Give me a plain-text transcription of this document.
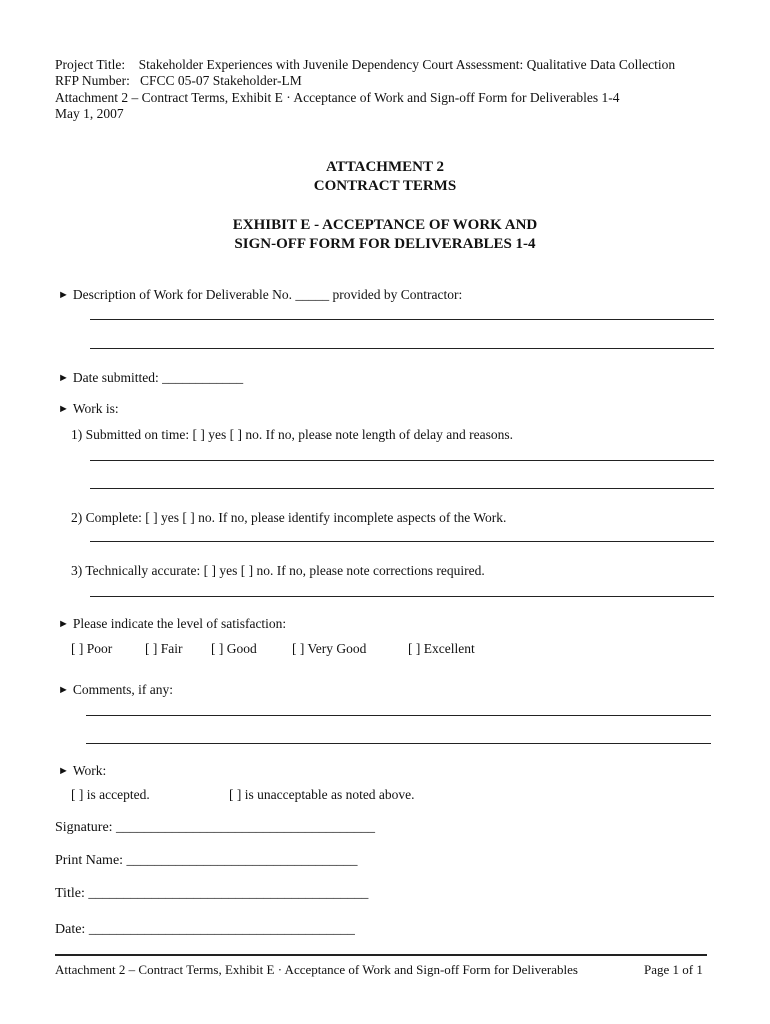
Project Title: Stakeholder Experiences with Juvenile Dependency Court Assessment: Qualitative Data Collection
RFP Number: CFCC 05-07 Stakeholder-LM
Attachment 2 – Contract Terms, Exhibit E · Acceptance of Work and Sign-off Form for Deliverables 1-4
May 1, 2007
ATTACHMENT 2
CONTRACT TERMS
EXHIBIT E - ACCEPTANCE OF WORK AND
SIGN-OFF FORM FOR DELIVERABLES 1-4
► Description of Work for Deliverable No. _____ provided by Contractor:
► Date submitted: ____________
► Work is:
1) Submitted on time: [ ] yes [ ] no. If no, please note length of delay and reasons.
2) Complete: [ ] yes [ ] no. If no, please identify incomplete aspects of the Work.
3) Technically accurate: [ ] yes [ ] no. If no, please note corrections required.
► Please indicate the level of satisfaction:
[ ] Poor [ ] Fair [ ] Good	[ ] Very Good	[ ] Excellent
► Comments, if any:
► Work:
[ ] is accepted.	[ ] is unacceptable as noted above.
Signature: _____________________________________
Print Name: _________________________________
Title: ________________________________________
Date: ______________________________________
Attachment 2 – Contract Terms, Exhibit E · Acceptance of Work and Sign-off Form for Deliverables	Page 1 of 1
